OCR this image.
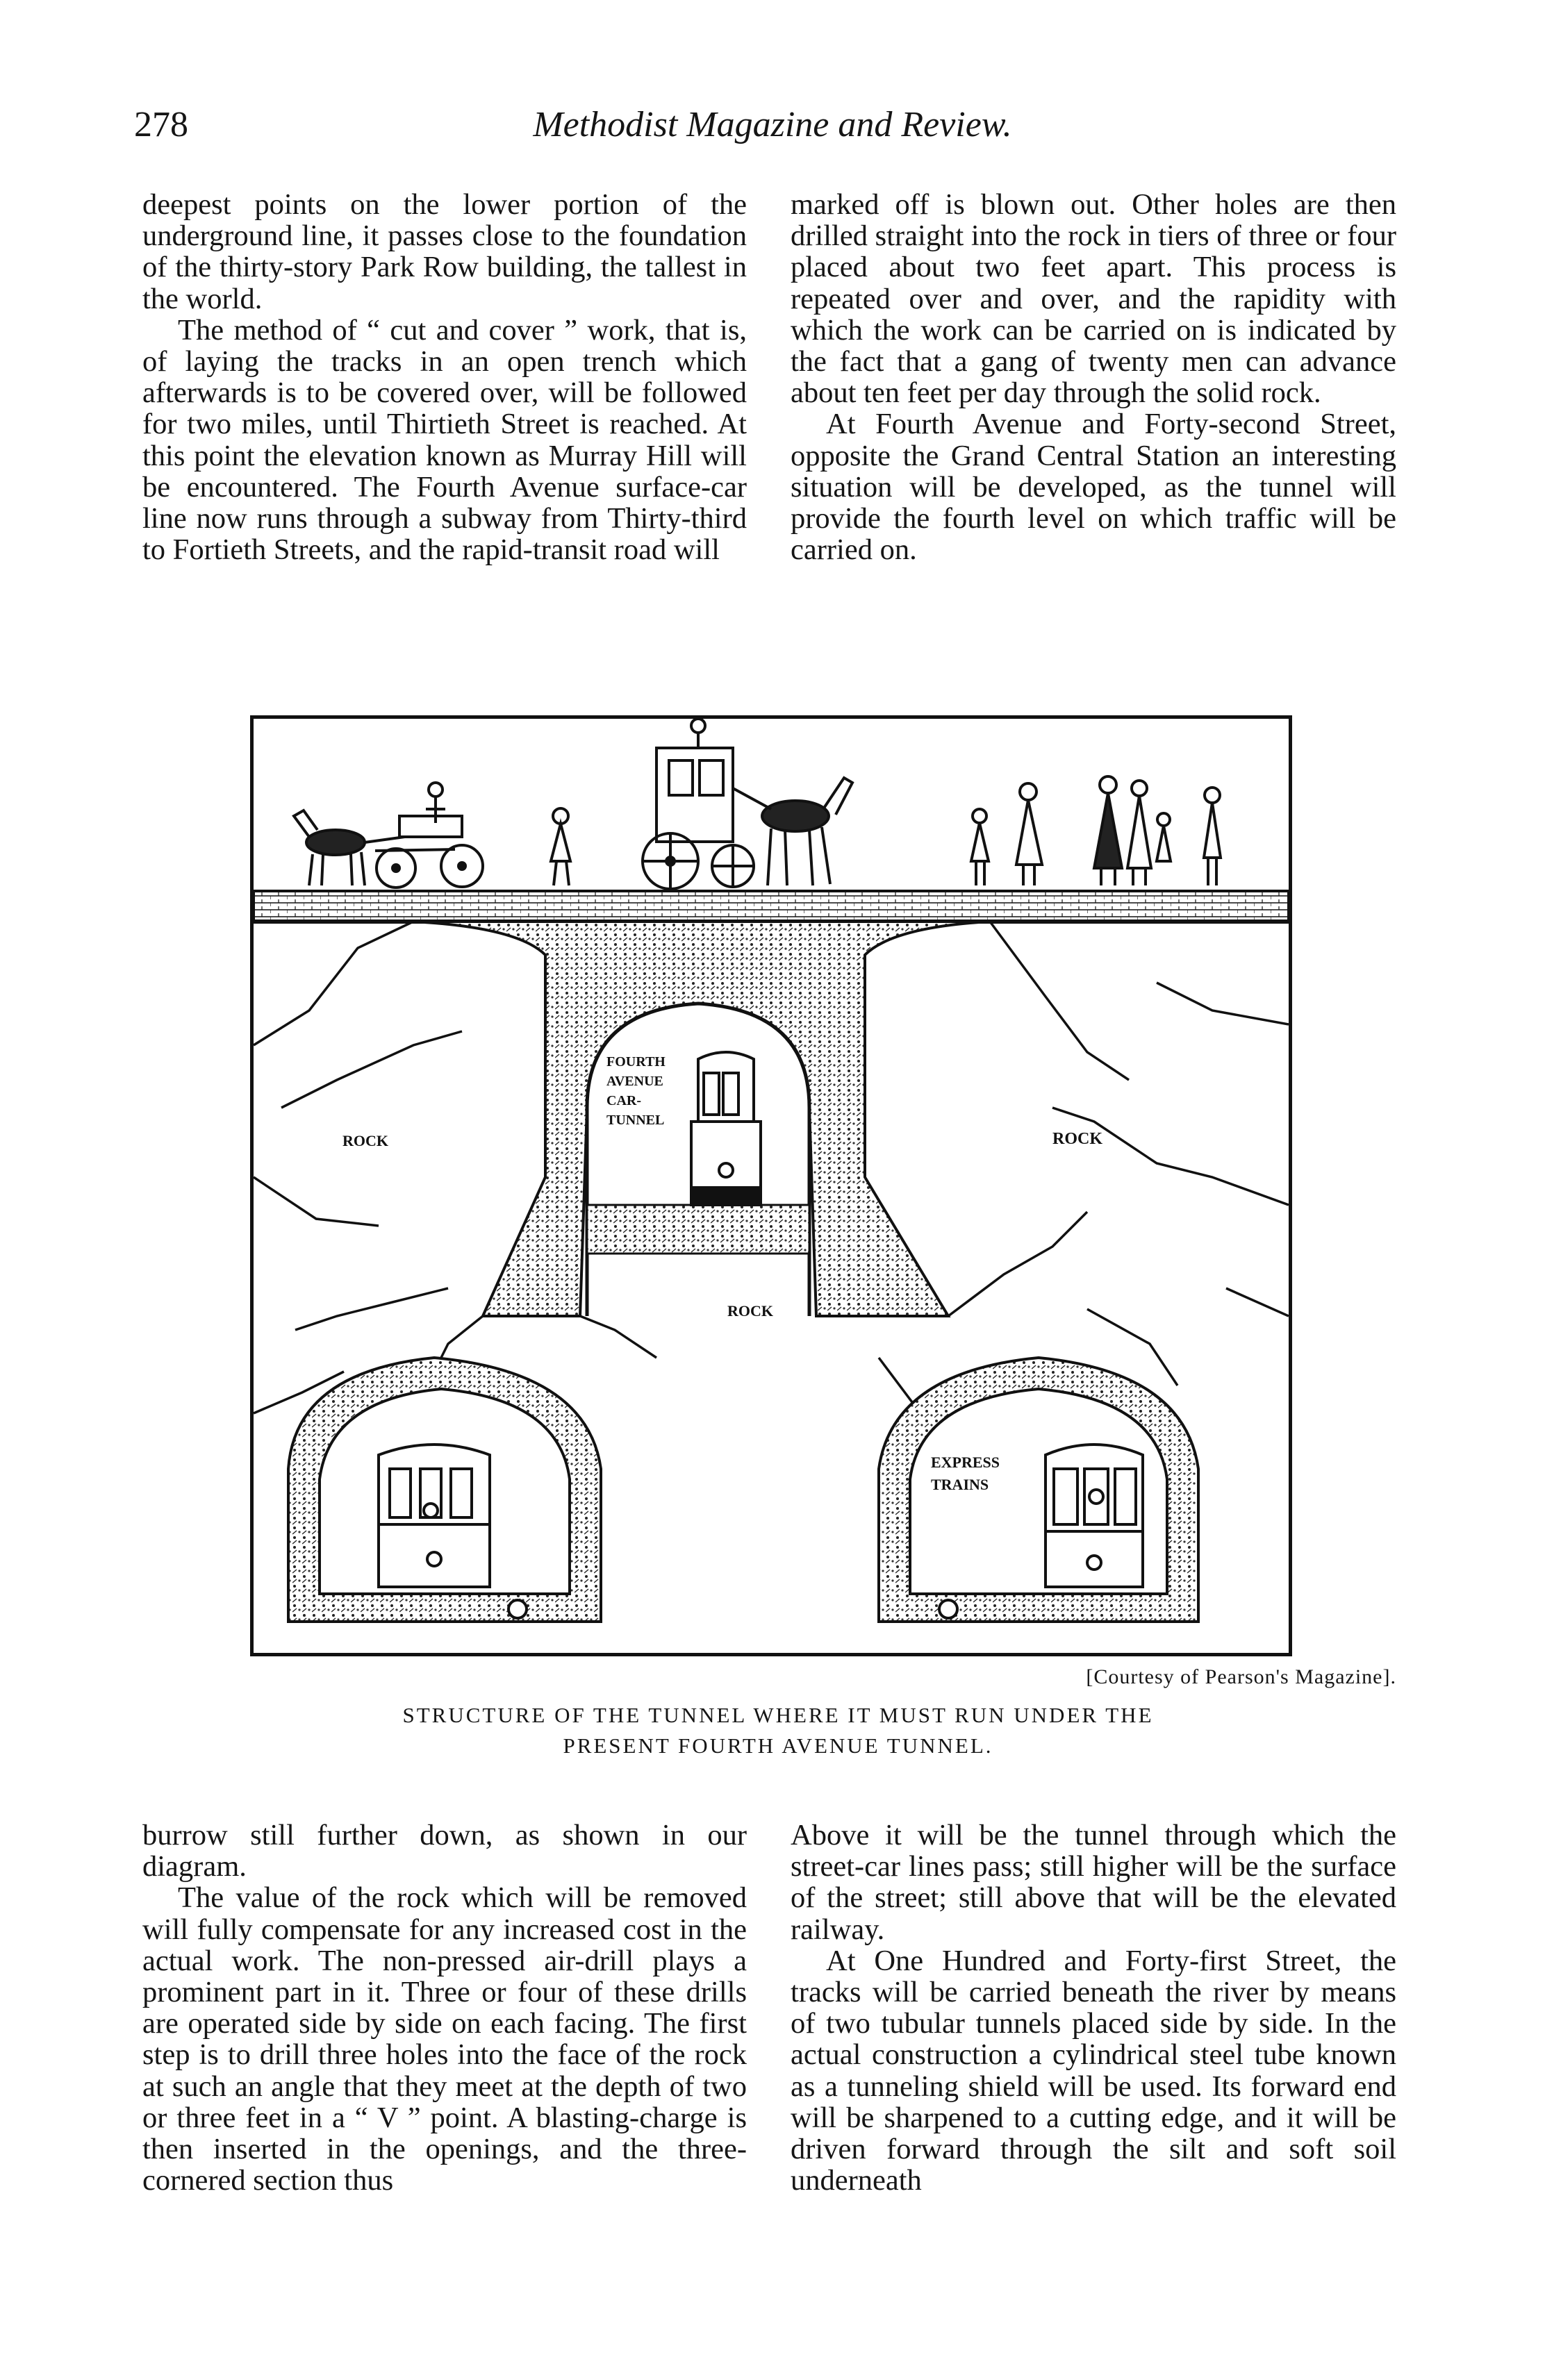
278	Methodist Magazine and Review.

deepest points on the lower portion of the underground line, it passes close to the foundation of the thirty-story Park Row building, the tallest in the world.

The method of “ cut and cover ” work, that is, of laying the tracks in an open trench which afterwards is to be covered over, will be followed for two miles, until Thirtieth Street is reached. At this point the elevation known as Murray Hill will be encountered. The Fourth Avenue surface-car line now runs through a subway from Thirty-third to Fortieth Streets, and the rapid-transit road will

marked off is blown out. Other holes are then drilled straight into the rock in tiers of three or four placed about two feet apart. This process is repeated over and over, and the rapidity with which the work can be carried on is indicated by the fact that a gang of twenty men can advance about ten feet per day through the solid rock.

At Fourth Avenue and Forty-second Street, opposite the Grand Central Station an interesting situation will be developed, as the tunnel will provide the fourth level on which traffic will be carried on.

FOURTH
AVENUE
CAR-
TUNNEL
EXPRESS
TRAINS
ROCK	ROCK
ROCK
[Courtesy of Pearson's Magazine].
STRUCTURE OF THE TUNNEL WHERE IT MUST RUN UNDER THE
PRESENT FOURTH AVENUE TUNNEL.

burrow still further down, as shown in our diagram.

The value of the rock which will be removed will fully compensate for any increased cost in the actual work. The non-pressed air-drill plays a prominent part in it. Three or four of these drills are operated side by side on each facing. The first step is to drill three holes into the face of the rock at such an angle that they meet at the depth of two or three feet in a “ V ” point. A blasting-charge is then inserted in the openings, and the three-cornered section thus

Above it will be the tunnel through which the street-car lines pass; still higher will be the surface of the street; still above that will be the elevated railway.

At One Hundred and Forty-first Street, the tracks will be carried beneath the river by means of two tubular tunnels placed side by side. In the actual construction a cylindrical steel tube known as a tunneling shield will be used. Its forward end will be sharpened to a cutting edge, and it will be driven forward through the silt and soft soil underneath
